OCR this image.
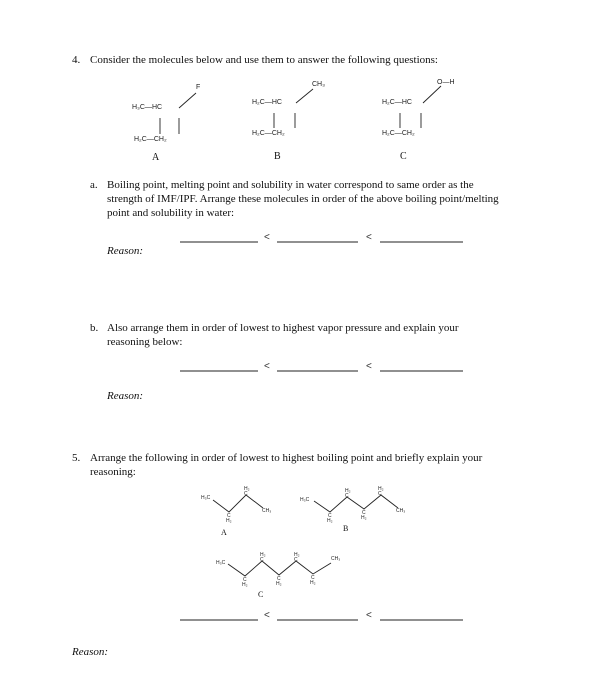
4. Consider the molecules below and use them to answer the following questions:
F
H₃C—HC
H₂C—CH₂
A
CH₃
H₂C—HC
H₂C—CH₂
B
O—H
H₂C—HC
H₂C—CH₂
C
a. Boiling point, melting point and solubility in water correspond to same order as the
strength of IMF/IPF. Arrange these molecules in order of the above boiling point/melting
point and solubility in water:
<	<
Reason:
b. Also arrange them in order of lowest to highest vapor pressure and explain your
reasoning below:
<	<
Reason:
5. Arrange the following in order of lowest to highest boiling point and briefly explain your
reasoning:
H₃C
C
H₂
H₂
C
CH₃
A
H₃C
C
H₂
H₂
C
C
H₂
H₂
C
CH₃
B
H₃C
C
H₂
H₂
C
C
H₂
H₂
C
C
H₂
CH₃
C
<	<
Reason:
